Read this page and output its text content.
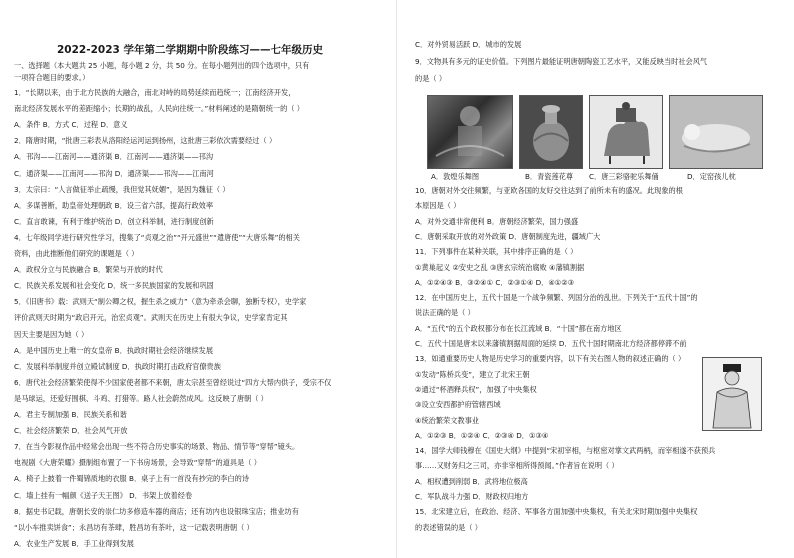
2022-2023 学年第二学期期中阶段练习——七年级历史
一、选择题（本大题共 25 小题，每小题 2 分，共 50 分。在每小题列出的四个选项中，只有
一项符合题目的要求。）
1．“长期以来，由于北方民族的大融合，南北对峙的局势延续而趋统一；江南经济开发，
南北经济发展水平的差距缩小；长期的战乱，人民向往统一。”材料阐述的是隋朝统一的（ ）
A．条件 B．方式 C．过程 D．意义
2．隋唐时期，“批唐三彩表从洛阳经运河运到扬州，这批唐三彩依次需要经过（ ）
A．邗沟——江南河——通济渠 B．江南河——通济渠——邗沟
C．通济渠——江南河——邗沟 D．通济渠——邗沟——江南河
3．太宗曰：“人言做征举止疏慢，我但觉其妩媚”，是因为魏征（ ）
A．多谋善断，助皇帝处理朝政 B．设三省六部，提高行政效率
C．直言敢谏，有利于维护统治 D．创立科举制，进行制度创新
4．七年级同学进行研究性学习，搜集了“贞观之治”“开元盛世”“遣唐使”“大唐乐舞”的相关
资料，由此推断他们研究的课题是（ ）
A．政权分立与民族融合 B．繁荣与开放的时代
C．民族关系发展和社会变化 D．统一多民族国家的发展和巩固
5．《旧唐书》载：武则天“制公卿之权，握生杀之威力”（意为牵杀会聊，独断专权），史学家
评价武则天时期为“政启开元，治宏贞观”。武则天在历史上有很大争议，史学家肯定其
因天主要是因为她（ ）
A．是中国历史上唯一的女皇帝 B．执政时期社会经济继续发展
C．发展科举制度并创立殿试制度 D．执政时期打击政府官僚贵族
6．唐代社会经济繁荣使得不少国家使者都不来朝，唐太宗甚至曾经说过“四方大帮内供子，受宗不仅
是马球运，还爱好围棋、斗鸡、打猎等。路人社会蔚然成风。这反映了唐朝（ ）
A．君主专制加强 B．民族关系和谐
C．社会经济繁荣 D．社会风气开放
7．在当今影视作品中经常会出现一些不符合历史事实的场景、物品、情节等“穿帮”镜头。
电视剧《大唐荣耀》摄制组布置了一下书房场景，会导致“穿帮”的道具是（ ）
A．椅子上披着一件蜀锦质地的衣服 B．桌子上有一首没有抄完的李白的诗
C．墙上挂有一幅颜《送子天王图》 D．书架上放着经卷
8．据史书记载，唐朝长安的崇仁坊多修造车器的商店；还有坊内也设银珠宝店；推业坊有
“以小车推卖饼食”；永昌坊有茶肆，胜昌坊有茶叶，这一记载表明唐朝（ ）
A．农业生产发展 B．手工业得到发展
C．对外贸易活跃 D．城市的发展
9．文物具有多元的证史价值。下列图片最能证明唐朝陶瓷工艺水平，又能反映当时社会风气
的是（ ）
A．敦煌乐舞图	B．青瓷莲花尊 C．唐三彩骆驼乐舞俑	D．定窑孩儿枕
10．唐朝对外交往频繁，与亚欧各国的友好交往达到了前所未有的盛况。此现象的根
本原因是（ ）
A．对外交通非常便利 B．唐朝经济繁荣，国力强盛
C．唐朝采取开放的对外政策 D．唐朝制度先进，疆域广大
11．下列事件在某种关联，其中排序正确的是（ ）
①黄巢起义 ②安史之乱 ③唐玄宗统治腐败 ④藩镇割据
A．①②④③ B．③②④① C．②③①④ D．④①②③
12．在中国历史上，五代十国是一个战争频繁、列国分治的乱世。下列关于“五代十国”的
说法正确的是（ ）
A．“五代”的五个政权都分布在长江流域 B．“十国”都在南方地区
C．五代十国是唐末以来藩镇割据局面的延续 D．五代十国时期南北方经济都停滞不前
13．如通重要历史人物是历史学习的重要内容，以下有关右图人物的叙述正确的（ ）
①发动“陈桥兵变”，建立了北宋王朝
②通过“杯酒释兵权”，加强了中央集权
③设立安西都护府管辖西域
④统治繁荣文教事业
A．①②③ B．①②④ C．②③④ D．①③④
14．国学大师钱穆在《国史大纲》中提到“宋初宰相，与枢密对掌文武两柄，而宰相遂不获预兵
事……又财务归之三司，亦非宰相所得预闻。”作者旨在说明（ ）
A．相权遭到削弱 B．武将地位极高
C．军队战斗力强 D．财政权归地方
15．北宋建立后，在政治、经济、军事各方面加强中央集权，有关北宋时期加强中央集权
的表述错误的是（ ）
